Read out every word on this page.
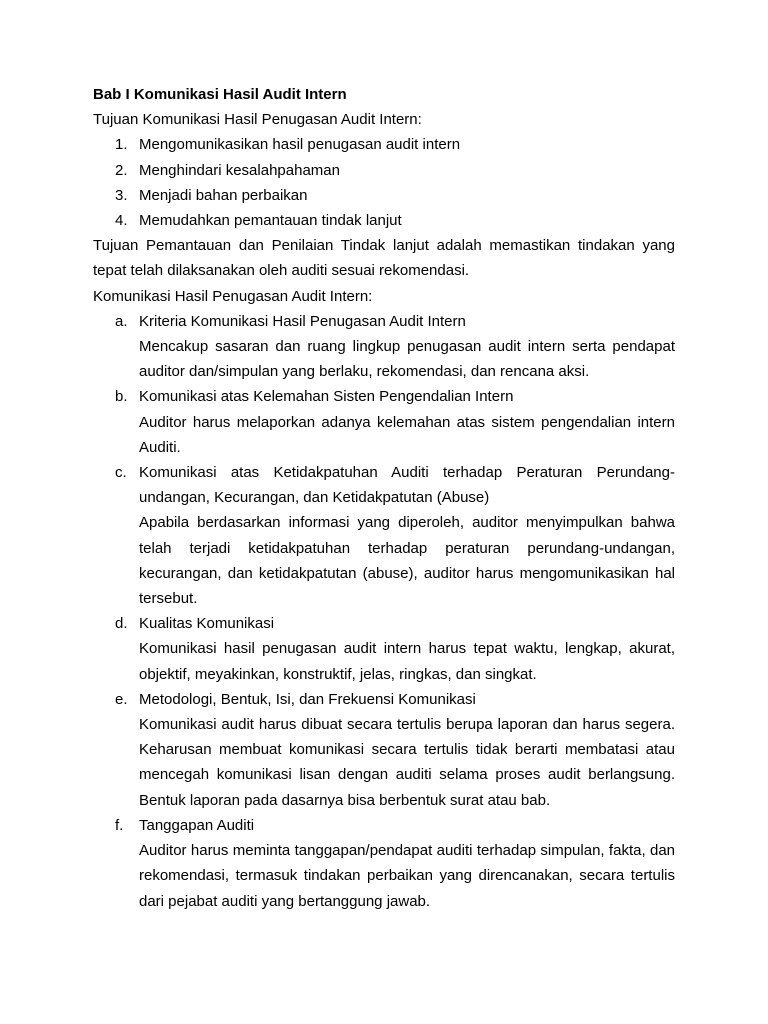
Bab I Komunikasi Hasil Audit Intern
Tujuan Komunikasi Hasil Penugasan Audit Intern:
1. Mengomunikasikan hasil penugasan audit intern
2. Menghindari kesalahpahaman
3. Menjadi bahan perbaikan
4. Memudahkan pemantauan tindak lanjut
Tujuan Pemantauan dan Penilaian Tindak lanjut adalah memastikan tindakan yang tepat telah dilaksanakan oleh auditi sesuai rekomendasi.
Komunikasi Hasil Penugasan Audit Intern:
a. Kriteria Komunikasi Hasil Penugasan Audit Intern
Mencakup sasaran dan ruang lingkup penugasan audit intern serta pendapat auditor dan/simpulan yang berlaku, rekomendasi, dan rencana aksi.
b. Komunikasi atas Kelemahan Sisten Pengendalian Intern
Auditor harus melaporkan adanya kelemahan atas sistem pengendalian intern Auditi.
c. Komunikasi atas Ketidakpatuhan Auditi terhadap Peraturan Perundang-undangan, Kecurangan, dan Ketidakpatutan (Abuse)
Apabila berdasarkan informasi yang diperoleh, auditor menyimpulkan bahwa telah terjadi ketidakpatuhan terhadap peraturan perundang-undangan, kecurangan, dan ketidakpatutan (abuse), auditor harus mengomunikasikan hal tersebut.
d. Kualitas Komunikasi
Komunikasi hasil penugasan audit intern harus tepat waktu, lengkap, akurat, objektif, meyakinkan, konstruktif, jelas, ringkas, dan singkat.
e. Metodologi, Bentuk, Isi, dan Frekuensi Komunikasi
Komunikasi audit harus dibuat secara tertulis berupa laporan dan harus segera. Keharusan membuat komunikasi secara tertulis tidak berarti membatasi atau mencegah komunikasi lisan dengan auditi selama proses audit berlangsung. Bentuk laporan pada dasarnya bisa berbentuk surat atau bab.
f. Tanggapan Auditi
Auditor harus meminta tanggapan/pendapat auditi terhadap simpulan, fakta, dan rekomendasi, termasuk tindakan perbaikan yang direncanakan, secara tertulis dari pejabat auditi yang bertanggung jawab.
